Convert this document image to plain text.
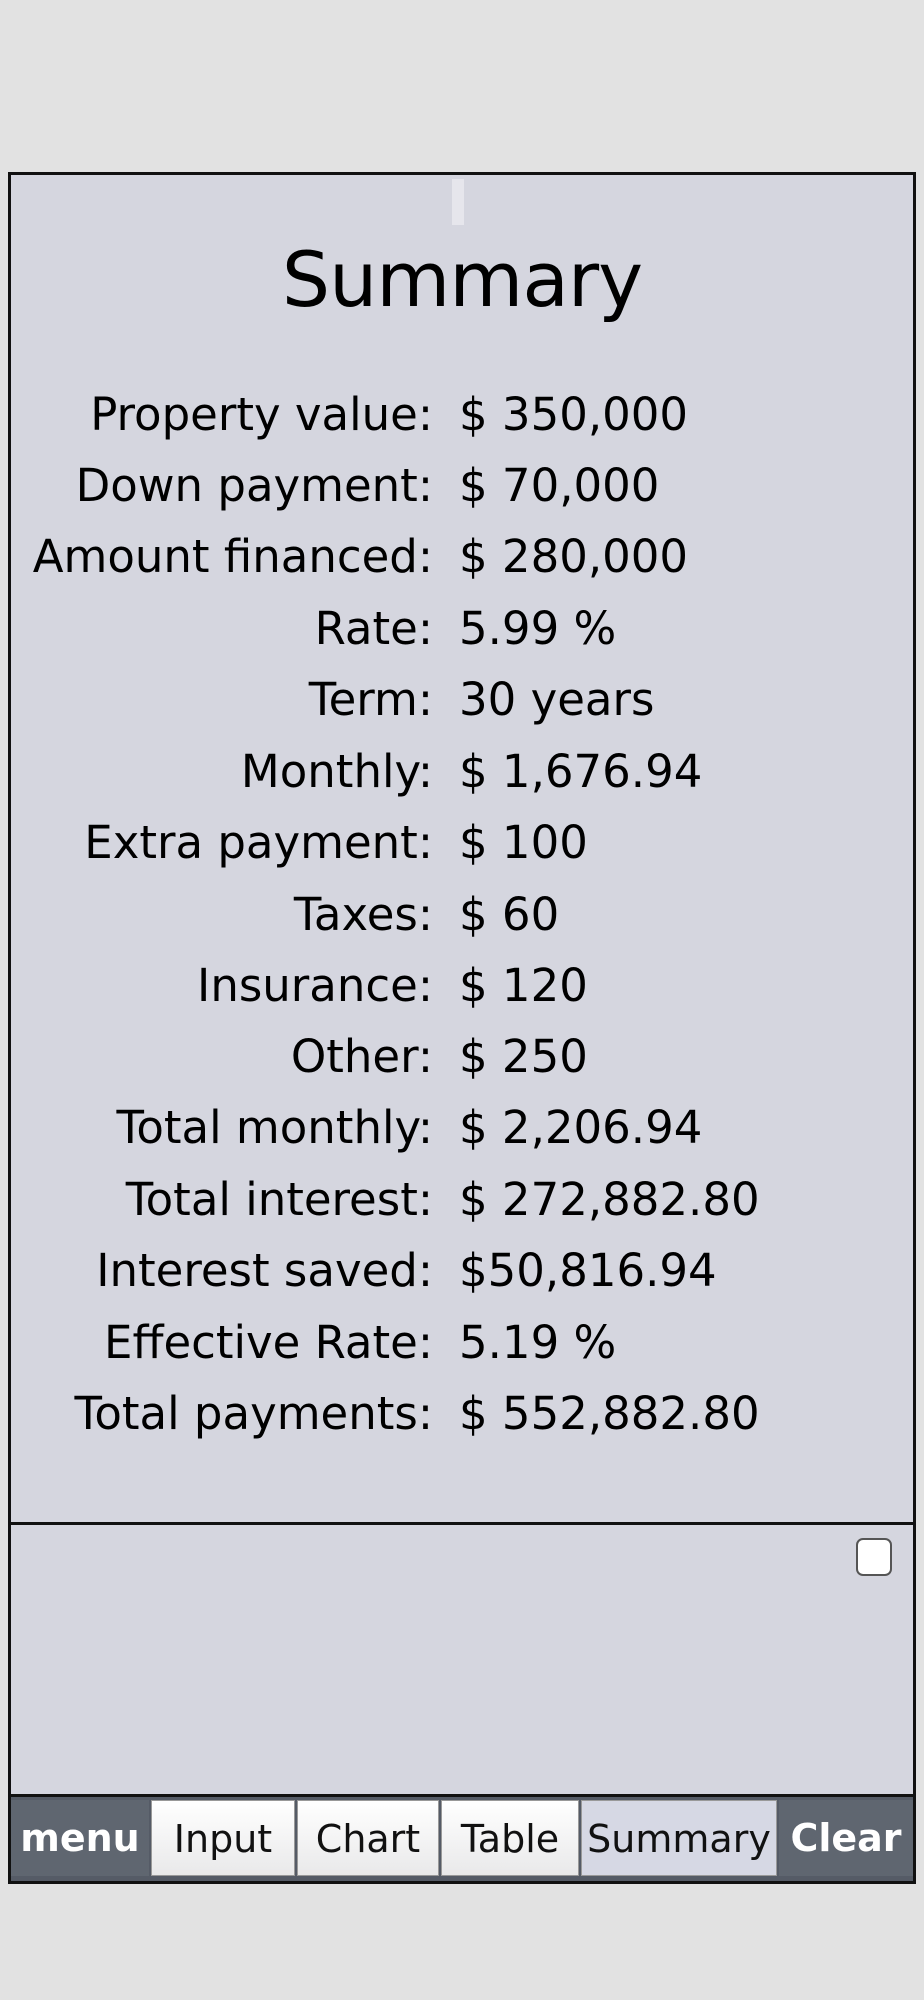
Summary
Property value: $ 350,000
Down payment: $ 70,000
Amount financed: $ 280,000
Rate: 5.99 %
Term: 30 years
Monthly: $ 1,676.94
Extra payment: $ 100
Taxes: $ 60
Insurance: $ 120
Other: $ 250
Total monthly: $ 2,206.94
Total interest: $ 272,882.80
Interest saved: $50,816.94
Effective Rate: 5.19 %
Total payments: $ 552,882.80
menu Input	Chart	Table Summary Clear
